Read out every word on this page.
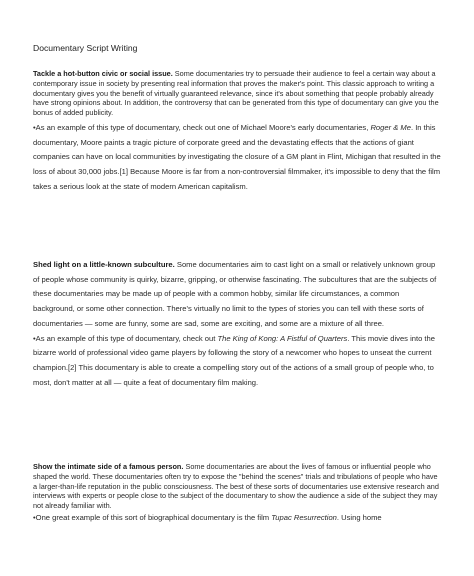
Documentary Script Writing

Tackle a hot-button civic or social issue. Some documentaries try to persuade their audience to feel a certain way about a contemporary issue in society by presenting real information that proves the maker's point. This classic approach to writing a documentary gives you the benefit of virtually guaranteed relevance, since it's about something that people probably already have strong opinions about. In addition, the controversy that can be generated from this type of documentary can give you the bonus of added publicity.

•As an example of this type of documentary, check out one of Michael Moore's early documentaries, Roger & Me. In this documentary, Moore paints a tragic picture of corporate greed and the devastating effects that the actions of giant companies can have on local communities by investigating the closure of a GM plant in Flint, Michigan that resulted in the loss of about 30,000 jobs.[1] Because Moore is far from a non-controversial filmmaker, it's impossible to deny that the film takes a serious look at the state of modern American capitalism.

Shed light on a little-known subculture. Some documentaries aim to cast light on a small or relatively unknown group of people whose community is quirky, bizarre, gripping, or otherwise fascinating. The subcultures that are the subjects of these documentaries may be made up of people with a common hobby, similar life circumstances, a common background, or some other connection. There's virtually no limit to the types of stories you can tell with these sorts of documentaries — some are funny, some are sad, some are exciting, and some are a mixture of all three.

•As an example of this type of documentary, check out The King of Kong: A Fistful of Quarters. This movie dives into the bizarre world of professional video game players by following the story of a newcomer who hopes to unseat the current champion.[2] This documentary is able to create a compelling story out of the actions of a small group of people who, to most, don't matter at all — quite a feat of documentary film making.

Show the intimate side of a famous person. Some documentaries are about the lives of famous or influential people who shaped the world. These documentaries often try to expose the "behind the scenes" trials and tribulations of people who have a larger-than-life reputation in the public consciousness. The best of these sorts of documentaries use extensive research and interviews with experts or people close to the subject of the documentary to show the audience a side of the subject they may not already familiar with.

•One great example of this sort of biographical documentary is the film Tupac Resurrection. Using home
